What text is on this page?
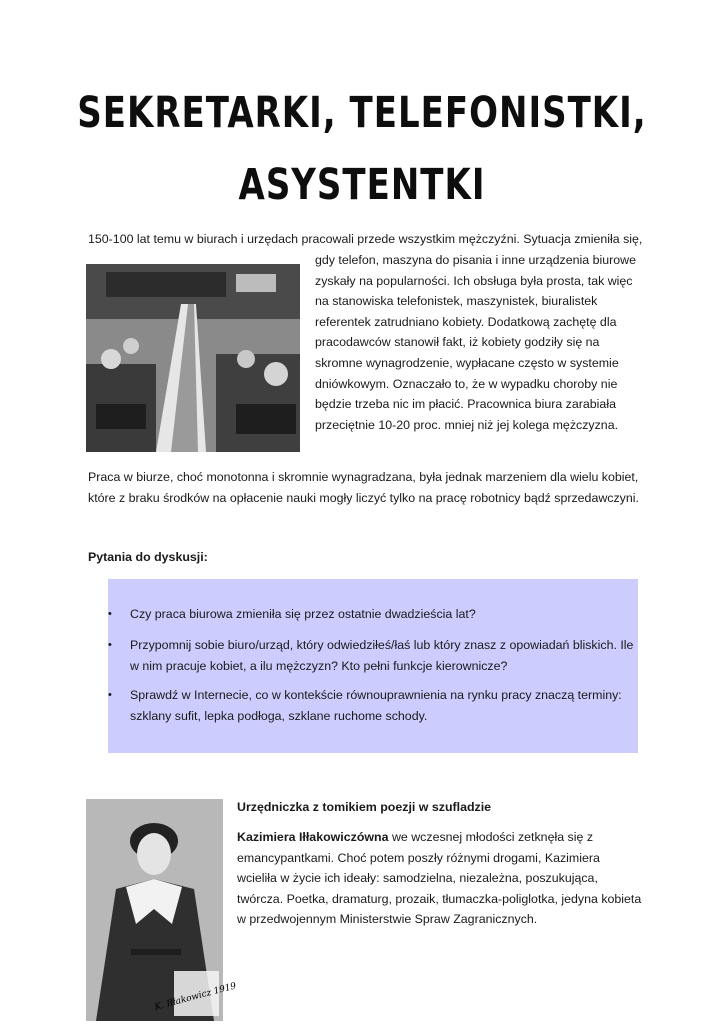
SEKRETARKI, TELEFONISTKI,
ASYSTENTKI

150-100 lat temu w biurach i urzędach pracowali przede wszystkim mężczyźni. Sytuacja zmieniła się,

gdy telefon, maszyna do pisania i inne urządzenia biurowe zyskały na popularności. Ich obsługa była prosta, tak więc na stanowiska telefonistek, maszynistek, biuralistek referentek zatrudniano kobiety. Dodatkową zachętę dla pracodawców stanowił fakt, iż kobiety godziły się na skromne wynagrodzenie, wypłacane często w systemie dniówkowym. Oznaczało to, że w wypadku choroby nie będzie trzeba nic im płacić. Pracownica biura zarabiała przeciętnie 10-20 proc. mniej niż jej kolega mężczyzna.

Praca w biurze, choć monotonna i skromnie wynagradzana, była jednak marzeniem dla wielu kobiet, które z braku środków na opłacenie nauki mogły liczyć tylko na pracę robotnicy bądź sprzedawczyni.

Pytania do dyskusji:
• Czy praca biurowa zmieniła się przez ostatnie dwadzieścia lat?
• Przypomnij sobie biuro/urząd, który odwiedziłeś/łaś lub który znasz z opowiadań bliskich. Ile w nim pracuje kobiet, a ilu mężczyzn? Kto pełni funkcje kierownicze?
• Sprawdź w Internecie, co w kontekście równouprawnienia na rynku pracy znaczą terminy: szklany sufit, lepka podłoga, szklane ruchome schody.
K. Iłłakowicz 1919
Urzędniczka z tomikiem poezji w szufladzie

Kazimiera Iłłakowiczówna we wczesnej młodości zetknęła się z emancypantkami. Choć potem poszły różnymi drogami, Kazimiera wcieliła w życie ich ideały: samodzielna, niezależna, poszukująca, twórcza. Poetka, dramaturg, prozaik, tłumaczka-poliglotka, jedyna kobieta w przedwojennym Ministerstwie Spraw Zagranicznych.
